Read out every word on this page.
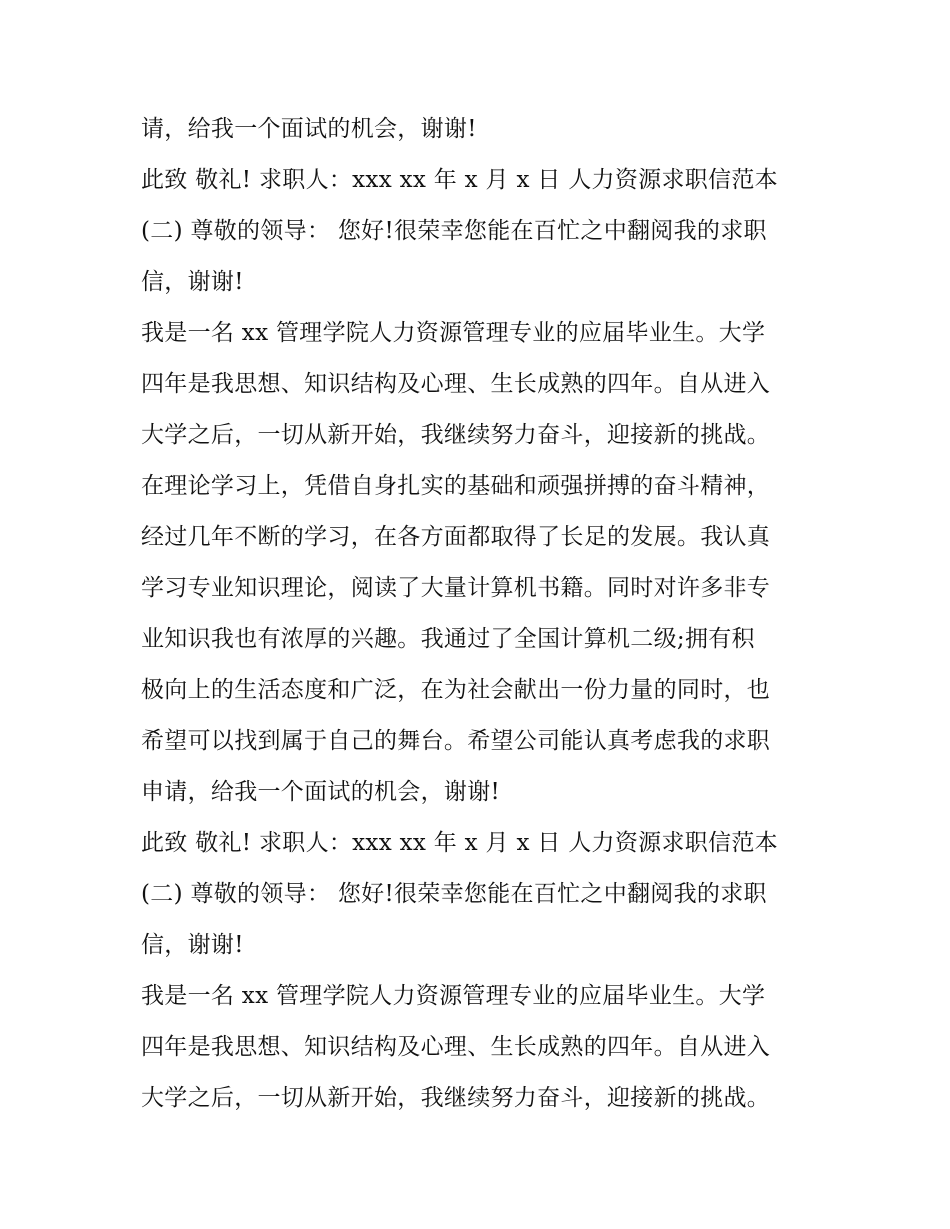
请，给我一个面试的机会，谢谢!
此致 敬礼! 求职人：xxx xx 年 x 月 x 日 人力资源求职信范本
(二) 尊敬的领导： 您好!很荣幸您能在百忙之中翻阅我的求职
信，谢谢!
我是一名 xx 管理学院人力资源管理专业的应届毕业生。大学
四年是我思想、知识结构及心理、生长成熟的四年。自从进入
大学之后，一切从新开始，我继续努力奋斗，迎接新的挑战。
在理论学习上，凭借自身扎实的基础和顽强拼搏的奋斗精神，
经过几年不断的学习，在各方面都取得了长足的发展。我认真
学习专业知识理论，阅读了大量计算机书籍。同时对许多非专
业知识我也有浓厚的兴趣。我通过了全国计算机二级;拥有积
极向上的生活态度和广泛，在为社会献出一份力量的同时，也
希望可以找到属于自己的舞台。希望公司能认真考虑我的求职
申请，给我一个面试的机会，谢谢!
此致 敬礼! 求职人：xxx xx 年 x 月 x 日 人力资源求职信范本
(二) 尊敬的领导： 您好!很荣幸您能在百忙之中翻阅我的求职
信，谢谢!
我是一名 xx 管理学院人力资源管理专业的应届毕业生。大学
四年是我思想、知识结构及心理、生长成熟的四年。自从进入
大学之后，一切从新开始，我继续努力奋斗，迎接新的挑战。
